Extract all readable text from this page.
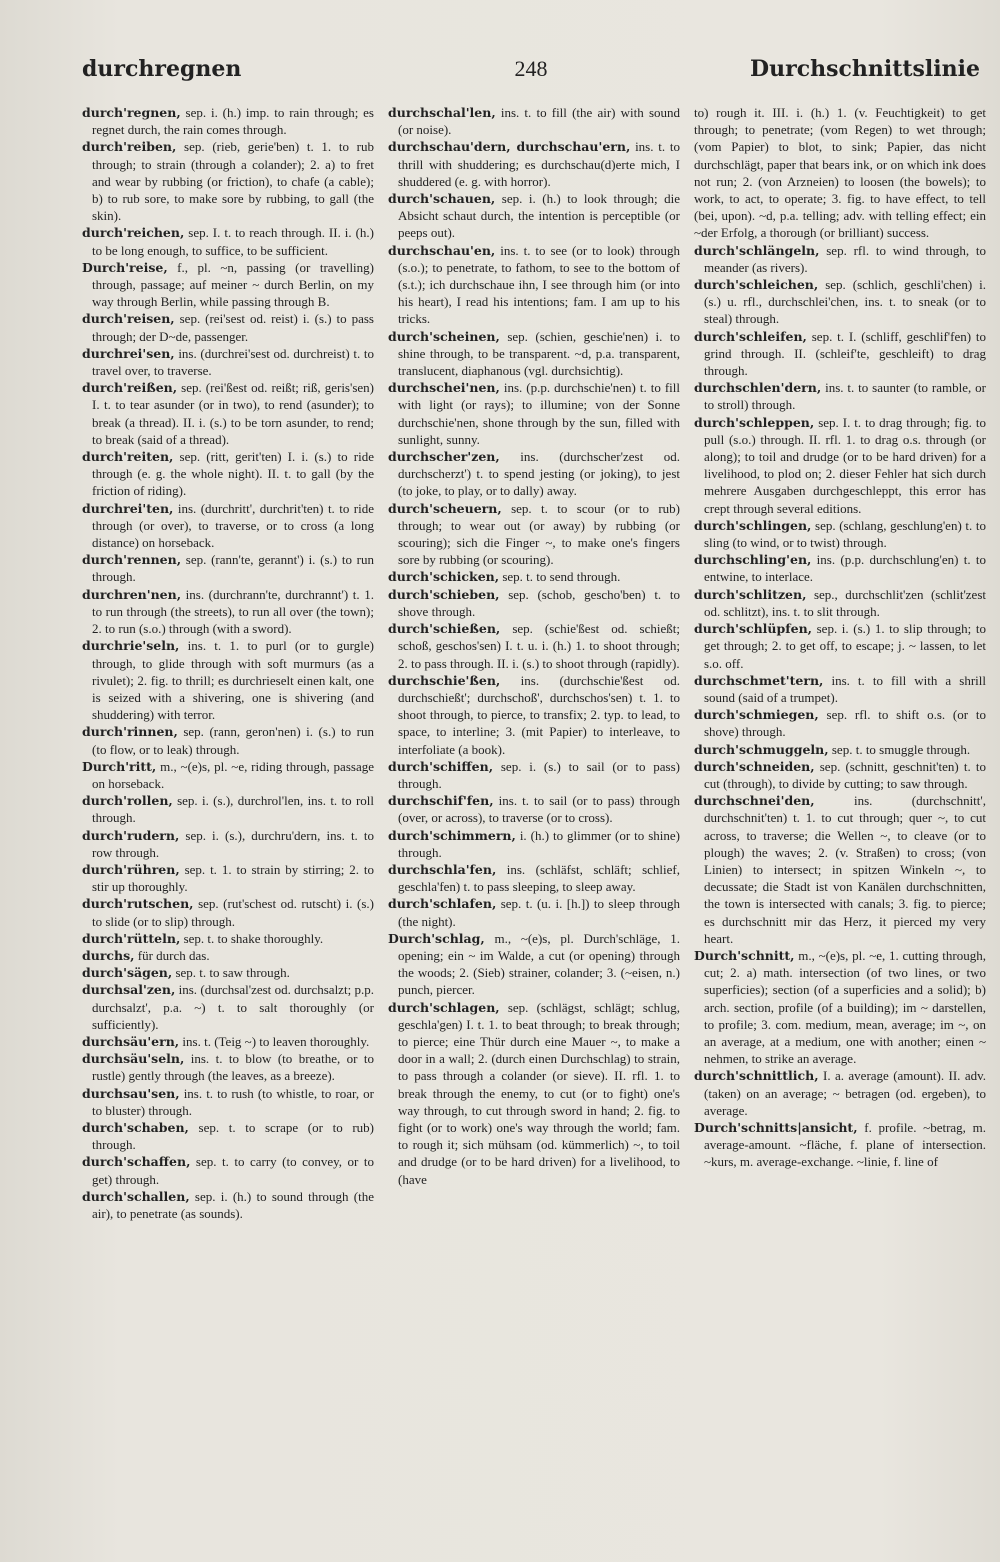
durchregnen	248	Durchschnittslinie

durch'regnen, sep. i. (h.) imp. to rain through; es regnet durch, the rain comes through.

durch'reiben, sep. (rieb, gerie'ben) t. 1. to rub through; to strain (through a colander); 2. a) to fret and wear by rubbing (or friction), to chafe (a cable); b) to rub sore, to make sore by rubbing, to gall (the skin).

durch'reichen, sep. I. t. to reach through. II. i. (h.) to be long enough, to suffice, to be sufficient.

Durch'reise, f., pl. ~n, passing (or travelling) through, passage; auf meiner ~ durch Berlin, on my way through Berlin, while passing through B.

durch'reisen, sep. (rei'sest od. reist) i. (s.) to pass through; der D~de, passenger.

durchrei'sen, ins. (durchrei'sest od. durchreist) t. to travel over, to traverse.

durch'reißen, sep. (rei'ßest od. reißt; riß, geris'sen) I. t. to tear asunder (or in two), to rend (asunder); to break (a thread). II. i. (s.) to be torn asunder, to rend; to break (said of a thread).

durch'reiten, sep. (ritt, gerit'ten) I. i. (s.) to ride through (e. g. the whole night). II. t. to gall (by the friction of riding).

durchrei'ten, ins. (durchritt', durchrit'ten) t. to ride through (or over), to traverse, or to cross (a long distance) on horseback.

durch'rennen, sep. (rann'te, gerannt') i. (s.) to run through.

durchren'nen, ins. (durchrann'te, durchrannt') t. 1. to run through (the streets), to run all over (the town); 2. to run (s.o.) through (with a sword).

durchrie'seln, ins. t. 1. to purl (or to gurgle) through, to glide through with soft murmurs (as a rivulet); 2. fig. to thrill; es durchrieselt einen kalt, one is seized with a shivering, one is shivering (and shuddering) with terror.

durch'rinnen, sep. (rann, geron'nen) i. (s.) to run (to flow, or to leak) through.

Durch'ritt, m., ~(e)s, pl. ~e, riding through, passage on horseback.

durch'rollen, sep. i. (s.), durchrol'len, ins. t. to roll through.

durch'rudern, sep. i. (s.), durchru'dern, ins. t. to row through.

durch'rühren, sep. t. 1. to strain by stirring; 2. to stir up thoroughly.

durch'rutschen, sep. (rut'schest od. rutscht) i. (s.) to slide (or to slip) through.

durch'rütteln, sep. t. to shake thoroughly.

durchs, für durch das.

durch'sägen, sep. t. to saw through.

durchsal'zen, ins. (durchsal'zest od. durchsalzt; p.p. durchsalzt', p.a. ~) t. to salt thoroughly (or sufficiently).

durchsäu'ern, ins. t. (Teig ~) to leaven thoroughly.

durchsäu'seln, ins. t. to blow (to breathe, or to rustle) gently through (the leaves, as a breeze).

durchsau'sen, ins. t. to rush (to whistle, to roar, or to bluster) through.

durch'schaben, sep. t. to scrape (or to rub) through.

durch'schaffen, sep. t. to carry (to convey, or to get) through.

durch'schallen, sep. i. (h.) to sound through (the air), to penetrate (as sounds).

durchschal'len, ins. t. to fill (the air) with sound (or noise).

durchschau'dern, durchschau'ern, ins. t. to thrill with shuddering; es durchschau(d)erte mich, I shuddered (e. g. with horror).

durch'schauen, sep. i. (h.) to look through; die Absicht schaut durch, the intention is perceptible (or peeps out).

durchschau'en, ins. t. to see (or to look) through (s.o.); to penetrate, to fathom, to see to the bottom of (s.t.); ich durchschaue ihn, I see through him (or into his heart), I read his intentions; fam. I am up to his tricks.

durch'scheinen, sep. (schien, geschie'nen) i. to shine through, to be transparent. ~d, p.a. transparent, translucent, diaphanous (vgl. durchsichtig).

durchschei'nen, ins. (p.p. durchschie'nen) t. to fill with light (or rays); to illumine; von der Sonne durchschie'nen, shone through by the sun, filled with sunlight, sunny.

durchscher'zen, ins. (durchscher'zest od. durchscherzt') t. to spend jesting (or joking), to jest (to joke, to play, or to dally) away.

durch'scheuern, sep. t. to scour (or to rub) through; to wear out (or away) by rubbing (or scouring); sich die Finger ~, to make one's fingers sore by rubbing (or scouring).

durch'schicken, sep. t. to send through.

durch'schieben, sep. (schob, gescho'ben) t. to shove through.

durch'schießen, sep. (schie'ßest od. schießt; schoß, geschos'sen) I. t. u. i. (h.) 1. to shoot through; 2. to pass through. II. i. (s.) to shoot through (rapidly).

durchschie'ßen, ins. (durchschie'ßest od. durchschießt'; durchschoß', durchschos'sen) t. 1. to shoot through, to pierce, to transfix; 2. typ. to lead, to space, to interline; 3. (mit Papier) to interleave, to interfoliate (a book).

durch'schiffen, sep. i. (s.) to sail (or to pass) through.

durchschif'fen, ins. t. to sail (or to pass) through (over, or across), to traverse (or to cross).

durch'schimmern, i. (h.) to glimmer (or to shine) through.

durchschla'fen, ins. (schläfst, schläft; schlief, geschla'fen) t. to pass sleeping, to sleep away.

durch'schlafen, sep. t. (u. i. [h.]) to sleep through (the night).

Durch'schlag, m., ~(e)s, pl. Durch'schläge, 1. opening; ein ~ im Walde, a cut (or opening) through the woods; 2. (Sieb) strainer, colander; 3. (~eisen, n.) punch, piercer.

durch'schlagen, sep. (schlägst, schlägt; schlug, geschla'gen) I. t. 1. to beat through; to break through; to pierce; eine Thür durch eine Mauer ~, to make a door in a wall; 2. (durch einen Durchschlag) to strain, to pass through a colander (or sieve). II. rfl. 1. to break through the enemy, to cut (or to fight) one's way through, to cut through sword in hand; 2. fig. to fight (or to work) one's way through the world; fam. to rough it; sich mühsam (od. kümmerlich) ~, to toil and drudge (or to be hard driven) for a livelihood, to (have

to) rough it. III. i. (h.) 1. (v. Feuchtigkeit) to get through; to penetrate; (vom Regen) to wet through; (vom Papier) to blot, to sink; Papier, das nicht durchschlägt, paper that bears ink, or on which ink does not run; 2. (von Arzneien) to loosen (the bowels); to work, to act, to operate; 3. fig. to have effect, to tell (bei, upon). ~d, p.a. telling; adv. with telling effect; ein ~der Erfolg, a thorough (or brilliant) success.

durch'schlängeln, sep. rfl. to wind through, to meander (as rivers).

durch'schleichen, sep. (schlich, geschli'chen) i. (s.) u. rfl., durchschlei'chen, ins. t. to sneak (or to steal) through.

durch'schleifen, sep. t. I. (schliff, geschlif'fen) to grind through. II. (schleif'te, geschleift) to drag through.

durchschlen'dern, ins. t. to saunter (to ramble, or to stroll) through.

durch'schleppen, sep. I. t. to drag through; fig. to pull (s.o.) through. II. rfl. 1. to drag o.s. through (or along); to toil and drudge (or to be hard driven) for a livelihood, to plod on; 2. dieser Fehler hat sich durch mehrere Ausgaben durchgeschleppt, this error has crept through several editions.

durch'schlingen, sep. (schlang, geschlung'en) t. to sling (to wind, or to twist) through.

durchschling'en, ins. (p.p. durchschlung'en) t. to entwine, to interlace.

durch'schlitzen, sep., durchschlit'zen (schlit'zest od. schlitzt), ins. t. to slit through.

durch'schlüpfen, sep. i. (s.) 1. to slip through; to get through; 2. to get off, to escape; j. ~ lassen, to let s.o. off.

durchschmet'tern, ins. t. to fill with a shrill sound (said of a trumpet).

durch'schmiegen, sep. rfl. to shift o.s. (or to shove) through.

durch'schmuggeln, sep. t. to smuggle through.

durch'schneiden, sep. (schnitt, geschnit'ten) t. to cut (through), to divide by cutting; to saw through.

durchschnei'den, ins. (durchschnitt', durchschnit'ten) t. 1. to cut through; quer ~, to cut across, to traverse; die Wellen ~, to cleave (or to plough) the waves; 2. (v. Straßen) to cross; (von Linien) to intersect; in spitzen Winkeln ~, to decussate; die Stadt ist von Kanälen durchschnitten, the town is intersected with canals; 3. fig. to pierce; es durchschnitt mir das Herz, it pierced my very heart.

Durch'schnitt, m., ~(e)s, pl. ~e, 1. cutting through, cut; 2. a) math. intersection (of two lines, or two superficies); section (of a superficies and a solid); b) arch. section, profile (of a building); im ~ darstellen, to profile; 3. com. medium, mean, average; im ~, on an average, at a medium, one with another; einen ~ nehmen, to strike an average.

durch'schnittlich, I. a. average (amount). II. adv. (taken) on an average; ~ betragen (od. ergeben), to average.

Durch'schnitts|ansicht, f. profile. ~betrag, m. average-amount. ~fläche, f. plane of intersection. ~kurs, m. average-exchange. ~linie, f. line of
